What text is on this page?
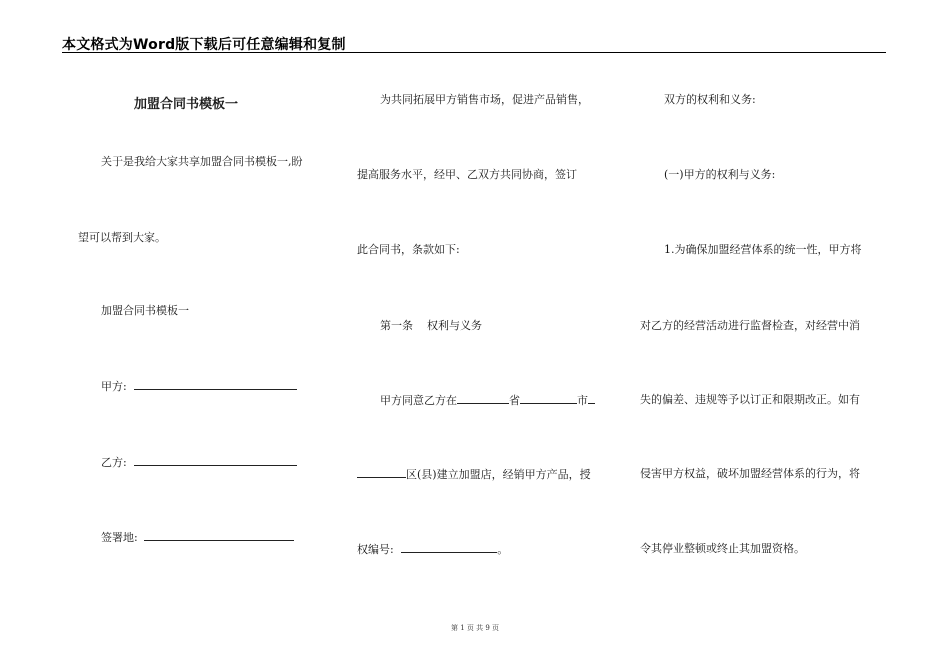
本文格式为Word版下载后可任意编辑和复制
加盟合同书模板一
关于是我给大家共享加盟合同书模板一,盼
望可以帮到大家。
加盟合同书模板一
甲方:
乙方:
签署地:
为共同拓展甲方销售市场，促进产品销售，
提高服务水平，经甲、乙双方共同协商，签订
此合同书，条款如下:
第一条    权利与义务
甲方同意乙方在	省	市
区(县)建立加盟店，经销甲方产品，授
权编号:	。
双方的权利和义务:
(一)甲方的权利与义务:
1.为确保加盟经营体系的统一性，甲方将
对乙方的经营活动进行监督检查，对经营中消
失的偏差、违规等予以订正和限期改正。如有
侵害甲方权益，破坏加盟经营体系的行为，将
令其停业整顿或终止其加盟资格。
第 1 页 共 9 页
